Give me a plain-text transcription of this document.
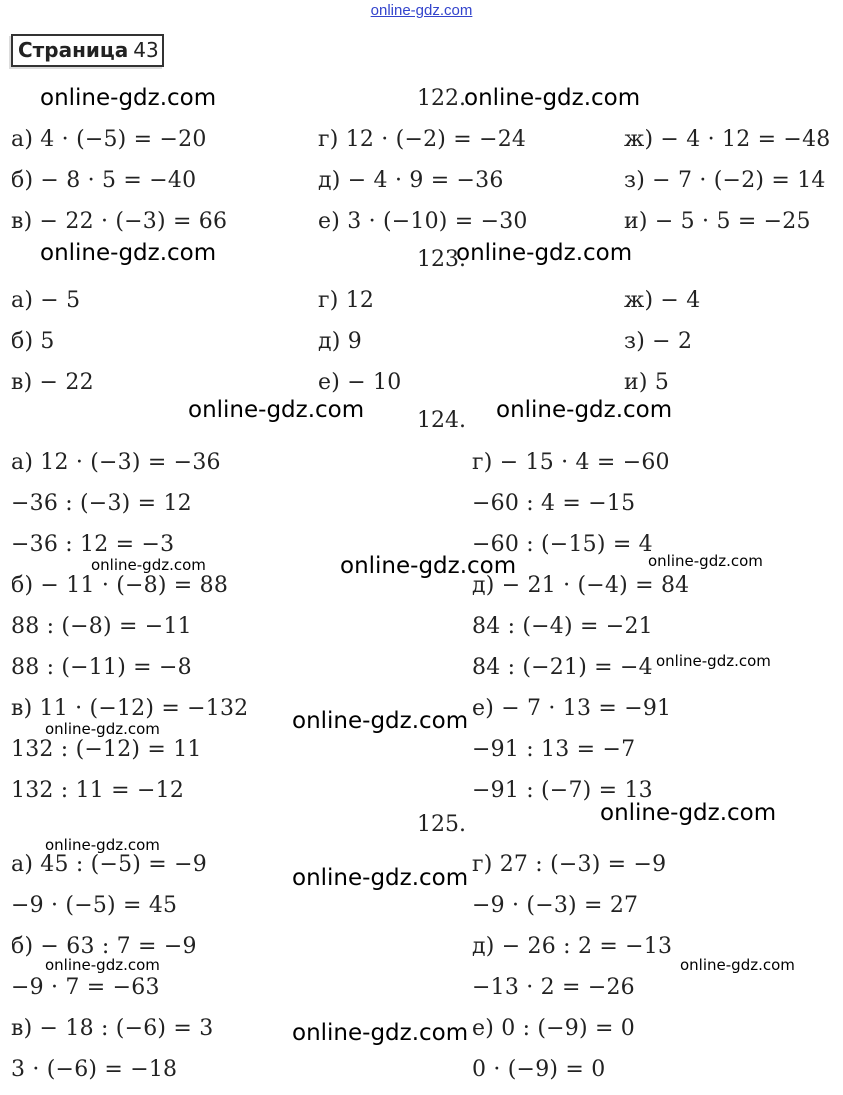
online-gdz.com
Страница 43
122.
а) 4 · (−5) = −20
б) − 8 · 5 = −40
в) − 22 · (−3) = 66
г) 12 · (−2) = −24
д) − 4 · 9 = −36
е) 3 · (−10) = −30
ж) − 4 · 12 = −48
з) − 7 · (−2) = 14
и) − 5 · 5 = −25
123.
а) − 5
б) 5
в) − 22
г) 12
д) 9
е) − 10
ж) − 4
з) − 2
и) 5
124.
а) 12 · (−3) = −36
−36 : (−3) = 12
−36 : 12 = −3
б) − 11 · (−8) = 88
88 : (−8) = −11
88 : (−11) = −8
в) 11 · (−12) = −132
132 : (−12) = 11
132 : 11 = −12
г) − 15 · 4 = −60
−60 : 4 = −15
−60 : (−15) = 4
д) − 21 · (−4) = 84
84 : (−4) = −21
84 : (−21) = −4
е) − 7 · 13 = −91
−91 : 13 = −7
−91 : (−7) = 13
125.
а) 45 : (−5) = −9
−9 · (−5) = 45
б) − 63 : 7 = −9
−9 · 7 = −63
в) − 18 : (−6) = 3
3 · (−6) = −18
г) 27 : (−3) = −9
−9 · (−3) = 27
д) − 26 : 2 = −13
−13 · 2 = −26
е) 0 : (−9) = 0
0 · (−9) = 0
online-gdz.com	online-gdz.com
online-gdz.com	online-gdz.com
online-gdz.com	online-gdz.com
online-gdz.com
online-gdz.com
online-gdz.com
online-gdz.com
online-gdz.com
online-gdz.com	online-gdz.com
online-gdz.com
online-gdz.com
online-gdz.com
online-gdz.com	online-gdz.com
